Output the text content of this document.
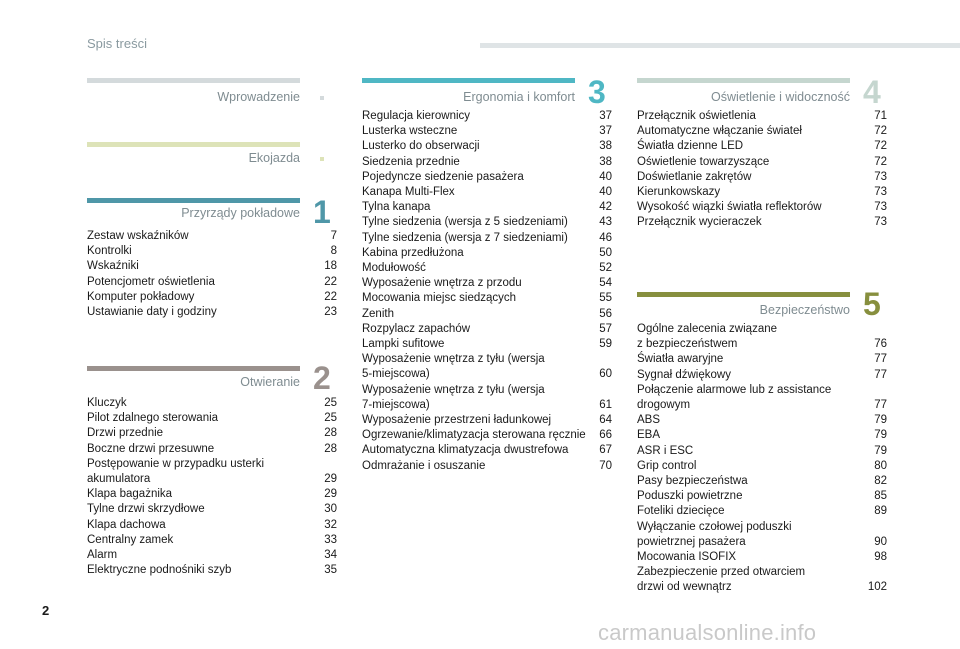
Spis treści
Wprowadzenie
Ekojazda
Przyrządy pokładowe 1
Zestaw wskaźników	7
Kontrolki	8
Wskaźniki	18
Potencjometr oświetlenia	22
Komputer pokładowy	22
Ustawianie daty i godziny	23
Otwieranie 2
Kluczyk	25
Pilot zdalnego sterowania	25
Drzwi przednie	28
Boczne drzwi przesuwne	28
Postępowanie w przypadku usterki
akumulatora	29
Klapa bagażnika	29
Tylne drzwi skrzydłowe	30
Klapa dachowa	32
Centralny zamek	33
Alarm	34
Elektryczne podnośniki szyb	35
Ergonomia i komfort 3
Regulacja kierownicy	37
Lusterka wsteczne	37
Lusterko do obserwacji	38
Siedzenia przednie	38
Pojedyncze siedzenie pasażera	40
Kanapa Multi-Flex	40
Tylna kanapa	42
Tylne siedzenia (wersja z 5 siedzeniami)	43
Tylne siedzenia (wersja z 7 siedzeniami)	46
Kabina przedłużona	50
Modułowość	52
Wyposażenie wnętrza z przodu	54
Mocowania miejsc siedzących	55
Zenith	56
Rozpylacz zapachów	57
Lampki sufitowe	59
Wyposażenie wnętrza z tyłu (wersja
5-miejscowa)	60
Wyposażenie wnętrza z tyłu (wersja
7-miejscowa)	61
Wyposażenie przestrzeni ładunkowej	64
Ogrzewanie/klimatyzacja sterowana ręcznie	66
Automatyczna klimatyzacja dwustrefowa	67
Odmrażanie i osuszanie	70
Oświetlenie i widoczność 4
Przełącznik oświetlenia	71
Automatyczne włączanie świateł	72
Światła dzienne LED	72
Oświetlenie towarzyszące	72
Doświetlanie zakrętów	73
Kierunkowskazy	73
Wysokość wiązki światła reflektorów	73
Przełącznik wycieraczek	73
Bezpieczeństwo 5
Ogólne zalecenia związane
z bezpieczeństwem	76
Światła awaryjne	77
Sygnał dźwiękowy	77
Połączenie alarmowe lub z assistance
drogowym	77
ABS	79
EBA	79
ASR i ESC	79
Grip control	80
Pasy bezpieczeństwa	82
Poduszki powietrzne	85
Foteliki dziecięce	89
Wyłączanie czołowej poduszki
powietrznej pasażera	90
Mocowania ISOFIX	98
Zabezpieczenie przed otwarciem
drzwi od wewnątrz	102
2
carmanualsonline.info
